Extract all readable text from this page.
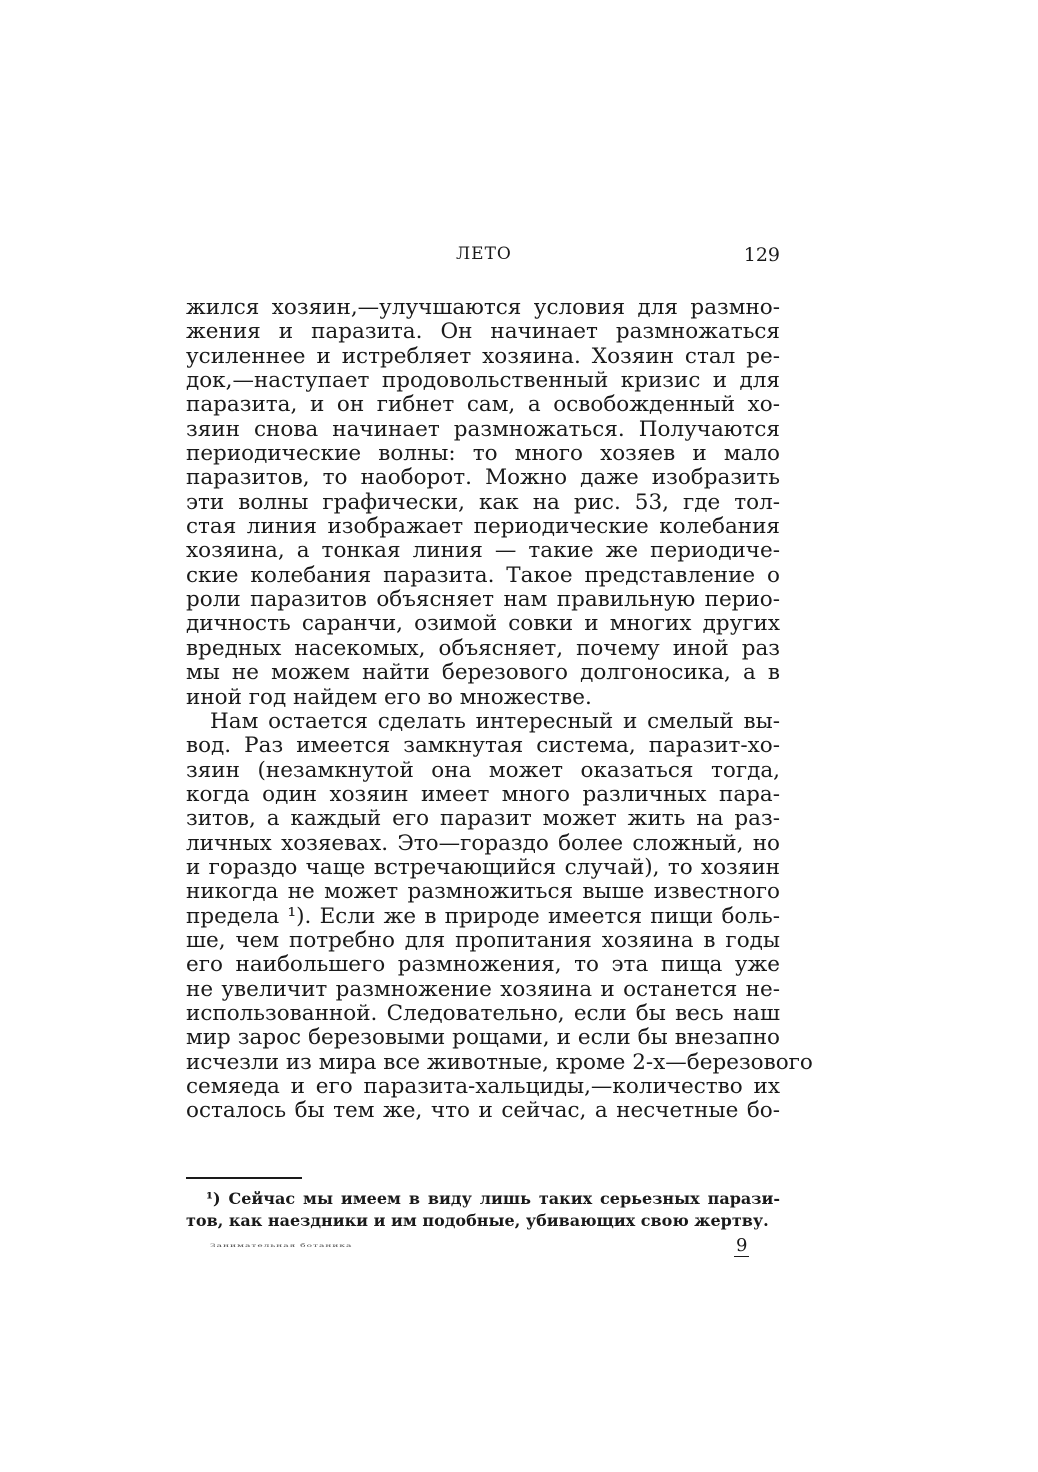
ЛЕТО	129
жился хозяин,—улучшаются условия для размно-
жения и паразита. Он начинает размножаться
усиленнее и истребляет хозяина. Хозяин стал ре-
док,—наступает продовольственный кризис и для
паразита, и он гибнет сам, а освобожденный хо-
зяин снова начинает размножаться. Получаются
периодические волны: то много хозяев и мало
паразитов, то наоборот. Можно даже изобразить
эти волны графически, как на рис. 53, где тол-
стая линия изображает периодические колебания
хозяина, а тонкая линия — такие же периодиче-
ские колебания паразита. Такое представление о
роли паразитов объясняет нам правильную перио-
дичность саранчи, озимой совки и многих других
вредных насекомых, объясняет, почему иной раз
мы не можем найти березового долгоносика, а в
иной год найдем его во множестве.
Нам остается сделать интересный и смелый вы-
вод. Раз имеется замкнутая система, паразит-хо-
зяин (незамкнутой она может оказаться тогда,
когда один хозяин имеет много различных пара-
зитов, а каждый его паразит может жить на раз-
личных хозяевах. Это—гораздо более сложный, но
и гораздо чаще встречающийся случай), то хозяин
никогда не может размножиться выше известного
предела ¹). Если же в природе имеется пищи боль-
ше, чем потребно для пропитания хозяина в годы
его наибольшего размножения, то эта пища уже
не увеличит размножение хозяина и останется не-
использованной. Следовательно, если бы весь наш
мир зарос березовыми рощами, и если бы внезапно
исчезли из мира все животные, кроме 2-х—березового
семяеда и его паразита-хальциды,—количество их
осталось бы тем же, что и сейчас, а несчетные бо-
¹) Сейчас мы имеем в виду лишь таких серьезных парази-
тов, как наездники и им подобные, убивающих свою жертву.
Занимательная ботаника	9
